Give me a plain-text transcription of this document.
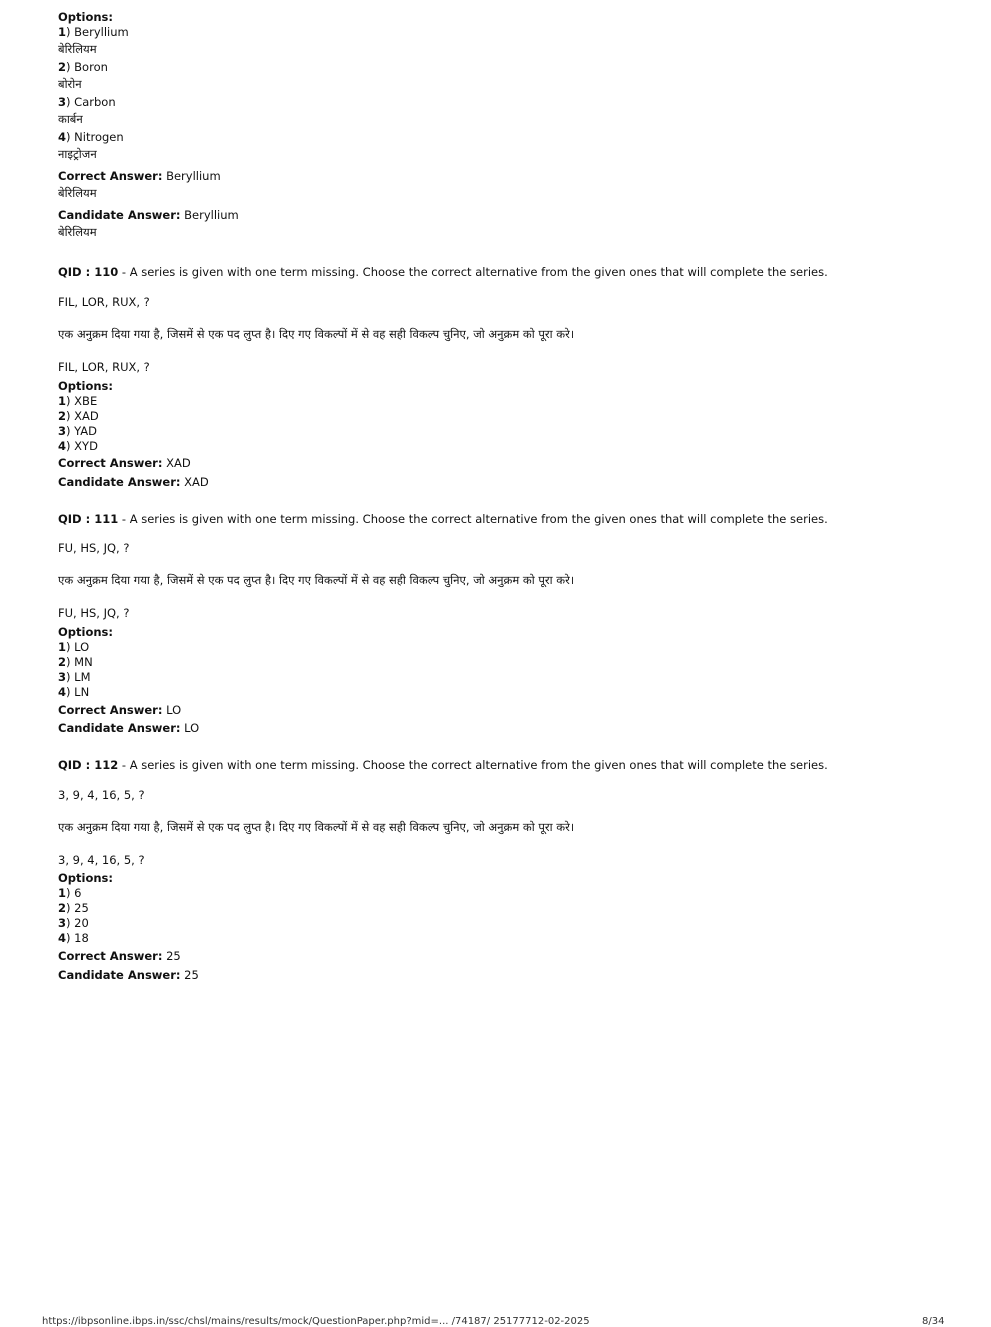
Options:
1) Beryllium
बेरिलियम
2) Boron
बोरोन
3) Carbon
कार्बन
4) Nitrogen
नाइट्रोजन
Correct Answer: Beryllium
बेरिलियम
Candidate Answer: Beryllium
बेरिलियम
QID : 110 - A series is given with one term missing. Choose the correct alternative from the given ones that will complete the series.
FIL, LOR, RUX, ?
एक अनुक्रम दिया गया है, जिसमें से एक पद लुप्त है। दिए गए विकल्पों में से वह सही विकल्प चुनिए, जो अनुक्रम को पूरा करे।
FIL, LOR, RUX, ?
Options:
1) XBE
2) XAD
3) YAD
4) XYD
Correct Answer: XAD
Candidate Answer: XAD
QID : 111 - A series is given with one term missing. Choose the correct alternative from the given ones that will complete the series.
FU, HS, JQ, ?
एक अनुक्रम दिया गया है, जिसमें से एक पद लुप्त है। दिए गए विकल्पों में से वह सही विकल्प चुनिए, जो अनुक्रम को पूरा करे।
FU, HS, JQ, ?
Options:
1) LO
2) MN
3) LM
4) LN
Correct Answer: LO
Candidate Answer: LO
QID : 112 - A series is given with one term missing. Choose the correct alternative from the given ones that will complete the series.
3, 9, 4, 16, 5, ?
एक अनुक्रम दिया गया है, जिसमें से एक पद लुप्त है। दिए गए विकल्पों में से वह सही विकल्प चुनिए, जो अनुक्रम को पूरा करे।
3, 9, 4, 16, 5, ?
Options:
1) 6
2) 25
3) 20
4) 18
Correct Answer: 25
Candidate Answer: 25
https://ibpsonline.ibps.in/ssc/chsl/mains/results/mock/QuestionPaper.php?mid=... /74187/ 25177712-02-2025	8/34
